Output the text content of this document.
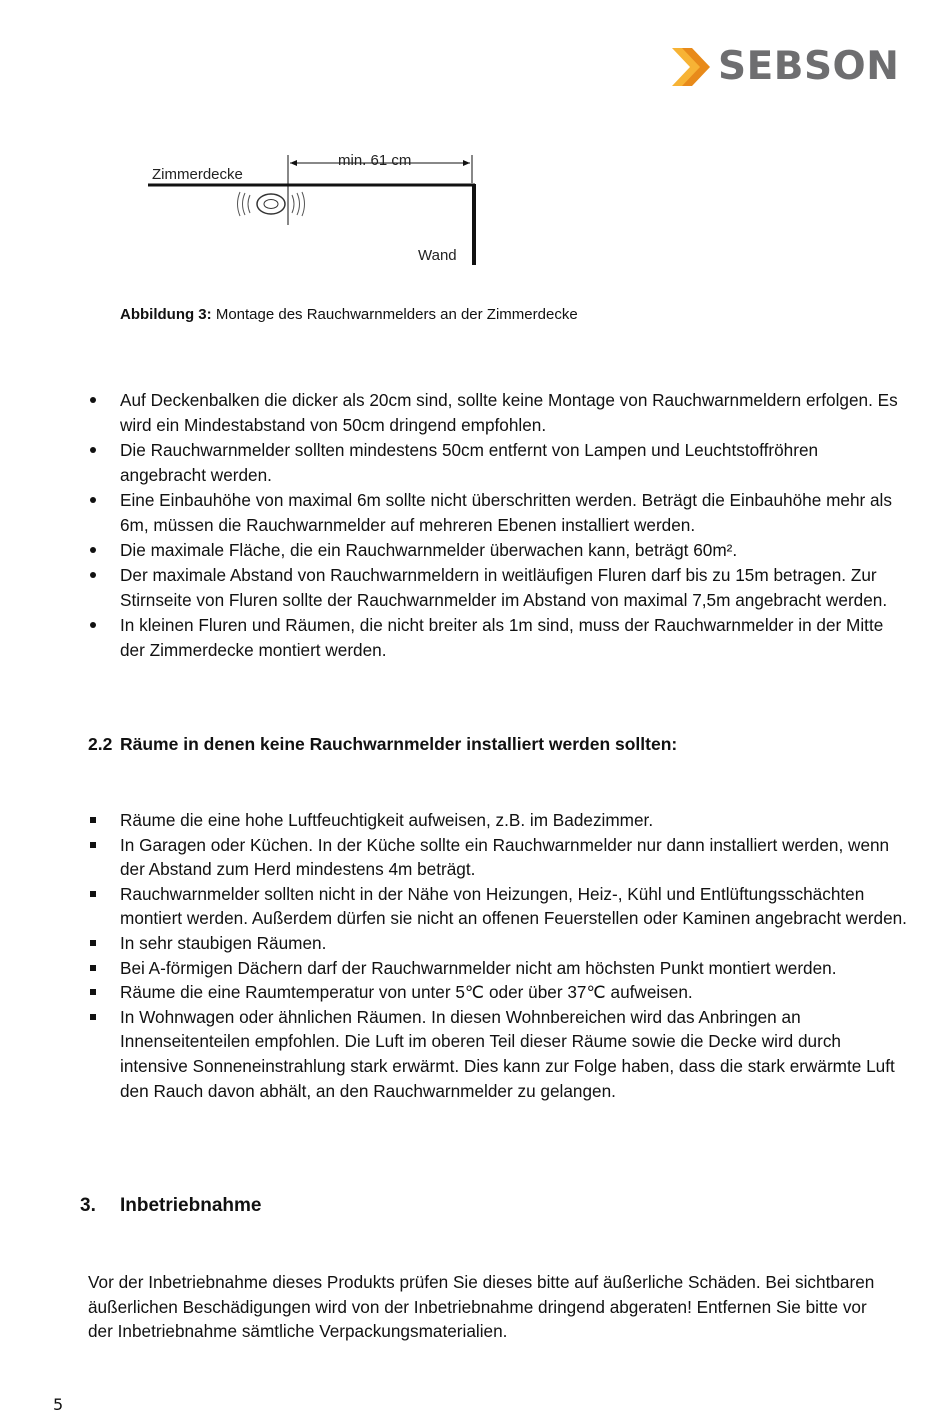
SEBSON
min. 61 cm
Zimmerdecke
Wand
Abbildung 3: Montage des Rauchwarnmelders an der Zimmerdecke
Auf Deckenbalken die dicker als 20cm sind, sollte keine Montage von Rauchwarnmeldern erfolgen. Es wird ein Mindestabstand von 50cm dringend empfohlen.
Die Rauchwarnmelder sollten mindestens 50cm entfernt von Lampen und Leuchtstoffröhren angebracht werden.
Eine Einbauhöhe von maximal 6m sollte nicht überschritten werden. Beträgt die Einbauhöhe mehr als 6m, müssen die Rauchwarnmelder auf mehreren Ebenen installiert werden.
Die maximale Fläche, die ein Rauchwarnmelder überwachen kann, beträgt 60m².
Der maximale Abstand von Rauchwarnmeldern in weitläufigen Fluren darf bis zu 15m betragen. Zur Stirnseite von Fluren sollte der Rauchwarnmelder im Abstand von maximal 7,5m angebracht werden.
In kleinen Fluren und Räumen, die nicht breiter als 1m sind, muss der Rauchwarnmelder in der Mitte der Zimmerdecke montiert werden.
2.2 Räume in denen keine Rauchwarnmelder installiert werden sollten:
Räume die eine hohe Luftfeuchtigkeit aufweisen, z.B. im Badezimmer.
In Garagen oder Küchen. In der Küche sollte ein Rauchwarnmelder nur dann installiert werden, wenn der Abstand zum Herd mindestens 4m beträgt.
Rauchwarnmelder sollten nicht in der Nähe von Heizungen, Heiz-, Kühl und Entlüftungsschächten montiert werden. Außerdem dürfen sie nicht an offenen Feuerstellen oder Kaminen angebracht werden.
In sehr staubigen Räumen.
Bei A-förmigen Dächern darf der Rauchwarnmelder nicht am höchsten Punkt montiert werden.
Räume die eine Raumtemperatur von unter 5℃ oder über 37℃ aufweisen.
In Wohnwagen oder ähnlichen Räumen. In diesen Wohnbereichen wird das Anbringen an Innenseitenteilen empfohlen. Die Luft im oberen Teil dieser Räume sowie die Decke wird durch intensive Sonneneinstrahlung stark erwärmt. Dies kann zur Folge haben, dass die stark erwärmte Luft den Rauch davon abhält, an den Rauchwarnmelder zu gelangen.
3. Inbetriebnahme
Vor der Inbetriebnahme dieses Produkts prüfen Sie dieses bitte auf äußerliche Schäden. Bei sichtbaren äußerlichen Beschädigungen wird von der Inbetriebnahme dringend abgeraten! Entfernen Sie bitte vor der Inbetriebnahme sämtliche Verpackungsmaterialien.
5
